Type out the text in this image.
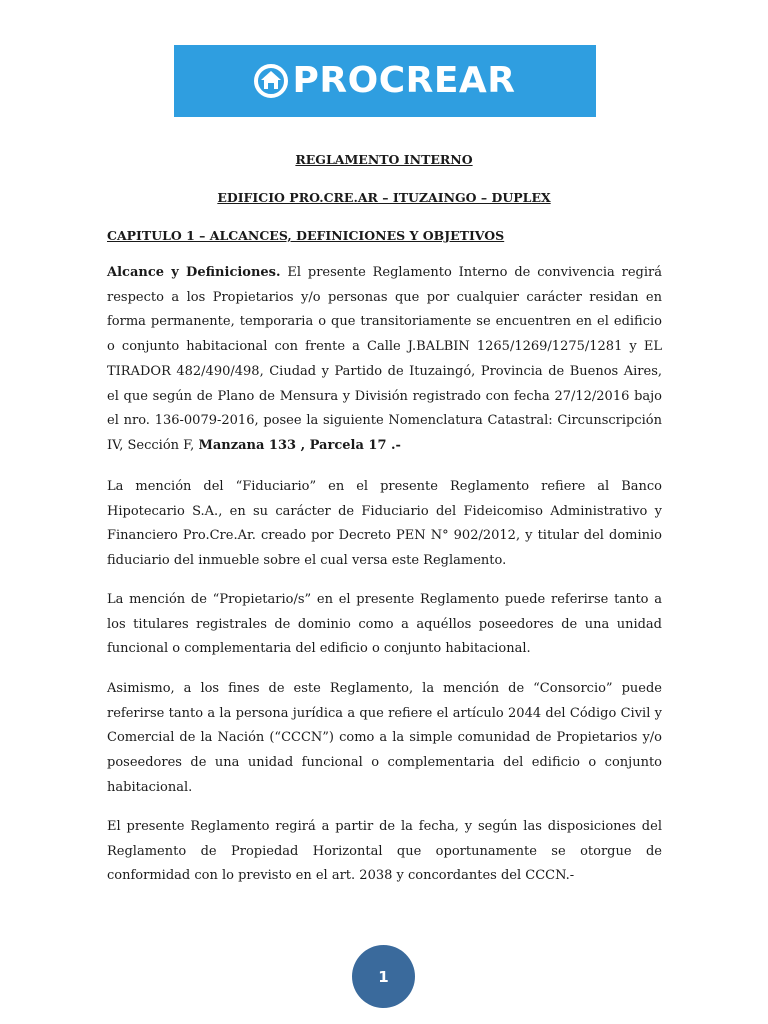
PROCREAR
REGLAMENTO INTERNO
EDIFICIO PRO.CRE.AR – ITUZAINGO – DUPLEX
CAPITULO 1 – ALCANCES, DEFINICIONES Y OBJETIVOS

Alcance y Definiciones. El presente Reglamento Interno de convivencia regirá respecto a los Propietarios y/o personas que por cualquier carácter residan en forma permanente, temporaria o que transitoriamente se encuentren en el edificio o conjunto habitacional con frente a Calle J.BALBIN 1265/1269/1275/1281 y EL TIRADOR 482/490/498, Ciudad y Partido de Ituzaingó, Provincia de Buenos Aires, el que según de Plano de Mensura y División registrado con fecha 27/12/2016 bajo el nro. 136-0079-2016, posee la siguiente Nomenclatura Catastral: Circunscripción IV, Sección F, Manzana 133 , Parcela 17 .-

La mención del “Fiduciario” en el presente Reglamento refiere al Banco Hipotecario S.A., en su carácter de Fiduciario del Fideicomiso Administrativo y Financiero Pro.Cre.Ar. creado por Decreto PEN N° 902/2012, y titular del dominio fiduciario del inmueble sobre el cual versa este Reglamento.

La mención de “Propietario/s” en el presente Reglamento puede referirse tanto a los titulares registrales de dominio como a aquéllos poseedores de una unidad funcional o complementaria del edificio o conjunto habitacional.

Asimismo, a los fines de este Reglamento, la mención de “Consorcio” puede referirse tanto a la persona jurídica a que refiere el artículo 2044 del Código Civil y Comercial de la Nación (“CCCN”) como a la simple comunidad de Propietarios y/o poseedores de una unidad funcional o complementaria del edificio o conjunto habitacional.

El presente Reglamento regirá a partir de la fecha, y según las disposiciones del Reglamento de Propiedad Horizontal que oportunamente se otorgue de conformidad con lo previsto en el art. 2038 y concordantes del CCCN.-

1
